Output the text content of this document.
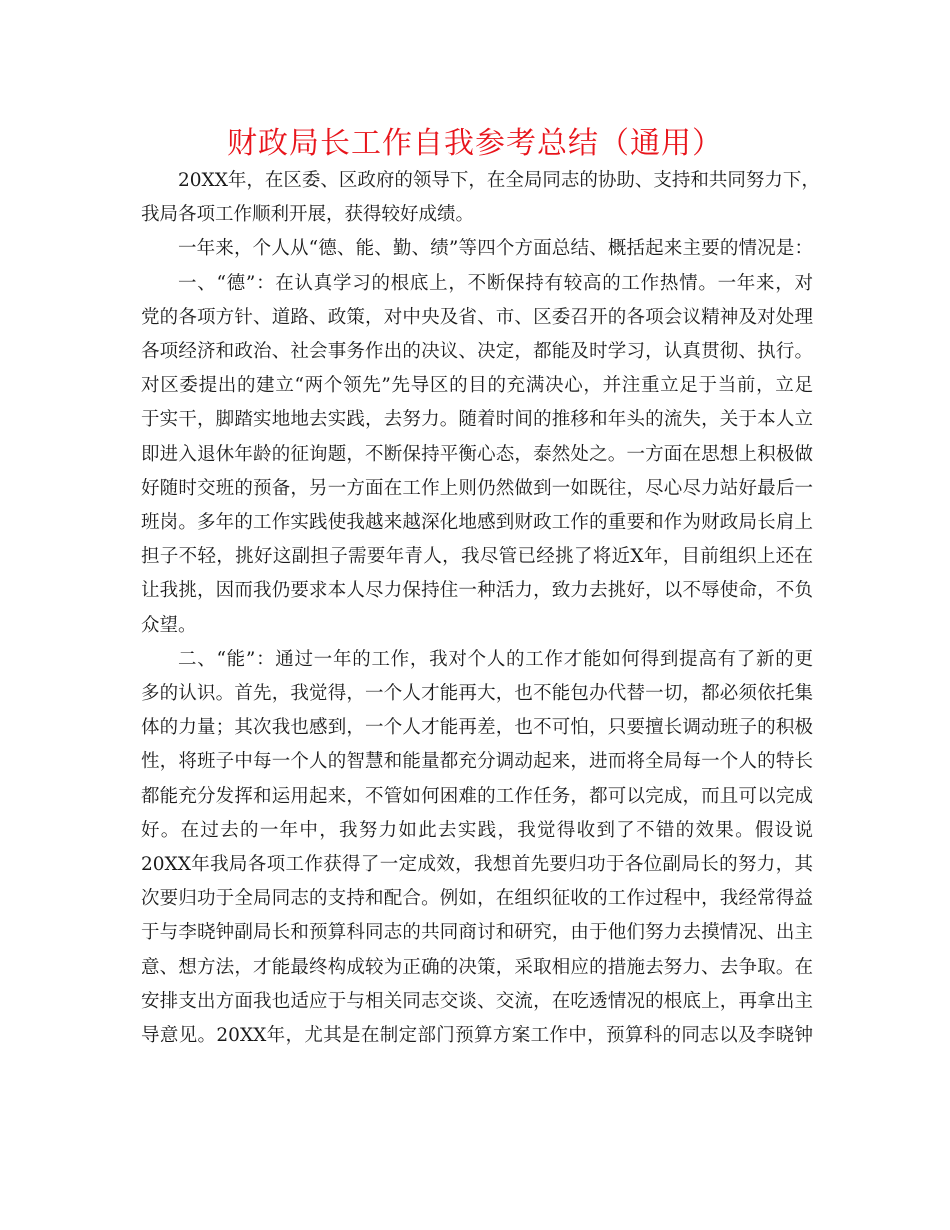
财政局长工作自我参考总结（通用）
20XX年，在区委、区政府的领导下，在全局同志的协助、支持和共同努力下，
我局各项工作顺利开展，获得较好成绩。
一年来，个人从“德、能、勤、绩”等四个方面总结、概括起来主要的情况是：
一、“德”：在认真学习的根底上，不断保持有较高的工作热情。一年来，对
党的各项方针、道路、政策，对中央及省、市、区委召开的各项会议精神及对处理
各项经济和政治、社会事务作出的决议、决定，都能及时学习，认真贯彻、执行。
对区委提出的建立“两个领先”先导区的目的充满决心，并注重立足于当前，立足
于实干，脚踏实地地去实践，去努力。随着时间的推移和年头的流失，关于本人立
即进入退休年龄的征询题，不断保持平衡心态，泰然处之。一方面在思想上积极做
好随时交班的预备，另一方面在工作上则仍然做到一如既往，尽心尽力站好最后一
班岗。多年的工作实践使我越来越深化地感到财政工作的重要和作为财政局长肩上
担子不轻，挑好这副担子需要年青人，我尽管已经挑了将近X年，目前组织上还在
让我挑，因而我仍要求本人尽力保持住一种活力，致力去挑好，以不辱使命，不负
众望。
二、“能”：通过一年的工作，我对个人的工作才能如何得到提高有了新的更
多的认识。首先，我觉得，一个人才能再大，也不能包办代替一切，都必须依托集
体的力量；其次我也感到，一个人才能再差，也不可怕，只要擅长调动班子的积极
性，将班子中每一个人的智慧和能量都充分调动起来，进而将全局每一个人的特长
都能充分发挥和运用起来，不管如何困难的工作任务，都可以完成，而且可以完成
好。在过去的一年中，我努力如此去实践，我觉得收到了不错的效果。假设说
20XX年我局各项工作获得了一定成效，我想首先要归功于各位副局长的努力，其
次要归功于全局同志的支持和配合。例如，在组织征收的工作过程中，我经常得益
于与李晓钟副局长和预算科同志的共同商讨和研究，由于他们努力去摸情况、出主
意、想方法，才能最终构成较为正确的决策，采取相应的措施去努力、去争取。在
安排支出方面我也适应于与相关同志交谈、交流，在吃透情况的根底上，再拿出主
导意见。20XX年，尤其是在制定部门预算方案工作中，预算科的同志以及李晓钟
